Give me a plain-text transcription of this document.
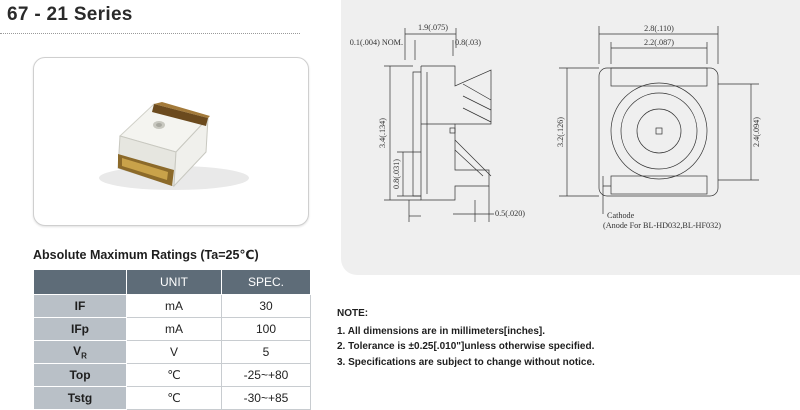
67 - 21 Series
1.9(.075)
0.1(.004) NOM.	0.8(.03)
3.4(.134)
0.8(.031)
0.5(.020)
2.8(.110)
2.2(.087)
3.2(.126)	2.4(.094)
Cathode
(Anode For BL-HD032,BL-HF032)
Absolute Maximum Ratings (Ta=25℃)
	UNIT	SPEC.
IF	mA	30
IFp	mA	100
$V_R$	V	5
Top	℃	-25~+80
Tstg	℃	-30~+85
NOTE:
1. All dimensions are in millimeters[inches].
2. Tolerance is ±0.25[.010"]unless otherwise specified.
3. Specifications are subject to change without notice.
